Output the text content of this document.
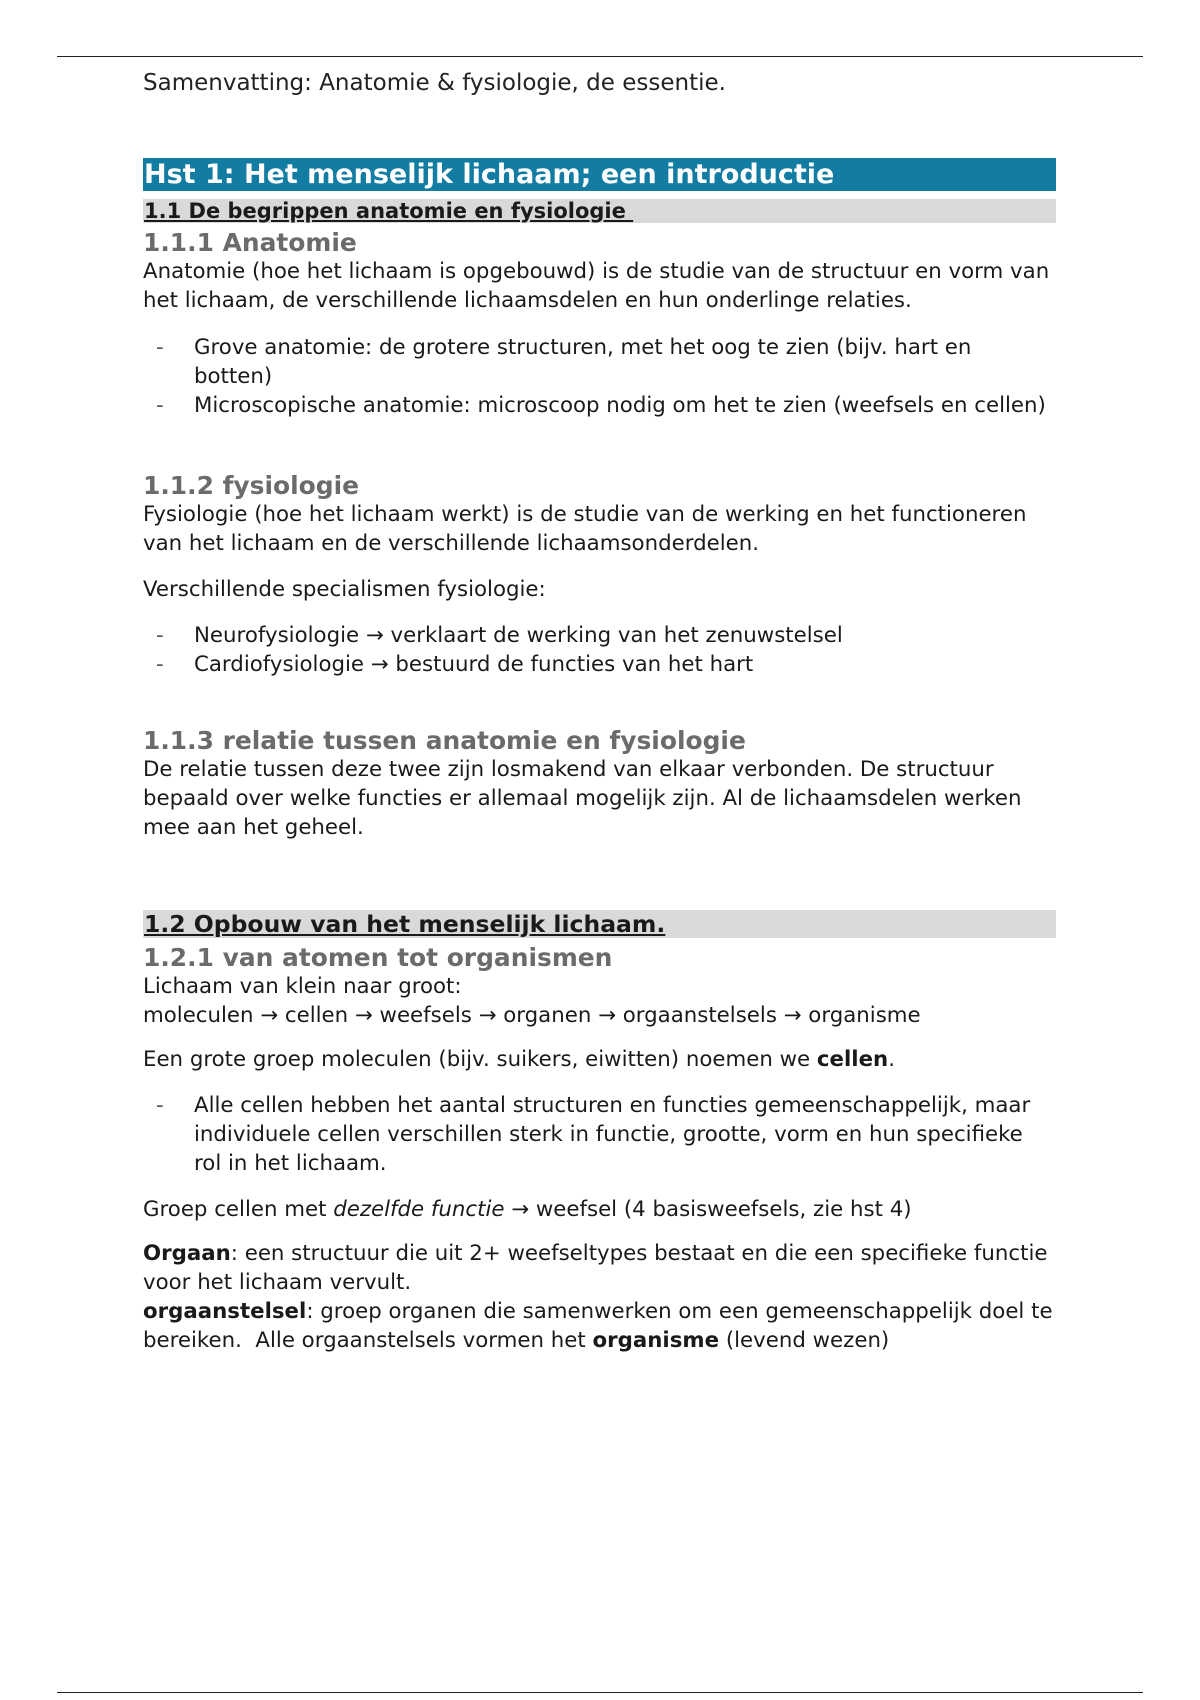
Samenvatting: Anatomie & fysiologie, de essentie.
Hst 1: Het menselijk lichaam; een introductie
1.1 De begrippen anatomie en fysiologie
1.1.1 Anatomie

Anatomie (hoe het lichaam is opgebouwd) is de studie van de structuur en vorm van het lichaam, de verschillende lichaamsdelen en hun onderlinge relaties.

- Grove anatomie: de grotere structuren, met het oog te zien (bijv. hart en botten)
- Microscopische anatomie: microscoop nodig om het te zien (weefsels en cellen)
1.1.2 fysiologie

Fysiologie (hoe het lichaam werkt) is de studie van de werking en het functioneren van het lichaam en de verschillende lichaamsonderdelen.

Verschillende specialismen fysiologie:

- Neurofysiologie → verklaart de werking van het zenuwstelsel
- Cardiofysiologie → bestuurd de functies van het hart
1.1.3 relatie tussen anatomie en fysiologie

De relatie tussen deze twee zijn losmakend van elkaar verbonden. De structuur bepaald over welke functies er allemaal mogelijk zijn. Al de lichaamsdelen werken mee aan het geheel.

1.2 Opbouw van het menselijk lichaam.
1.2.1 van atomen tot organismen

Lichaam van klein naar groot:

moleculen → cellen → weefsels → organen → orgaanstelsels → organisme

Een grote groep moleculen (bijv. suikers, eiwitten) noemen we cellen.

- Alle cellen hebben het aantal structuren en functies gemeenschappelijk, maar individuele cellen verschillen sterk in functie, grootte, vorm en hun specifieke rol in het lichaam.

Groep cellen met dezelfde functie → weefsel (4 basisweefsels, zie hst 4)

Orgaan: een structuur die uit 2+ weefseltypes bestaat en die een specifieke functie voor het lichaam vervult.

orgaanstelsel: groep organen die samenwerken om een gemeenschappelijk doel te bereiken.  Alle orgaanstelsels vormen het organisme (levend wezen)
